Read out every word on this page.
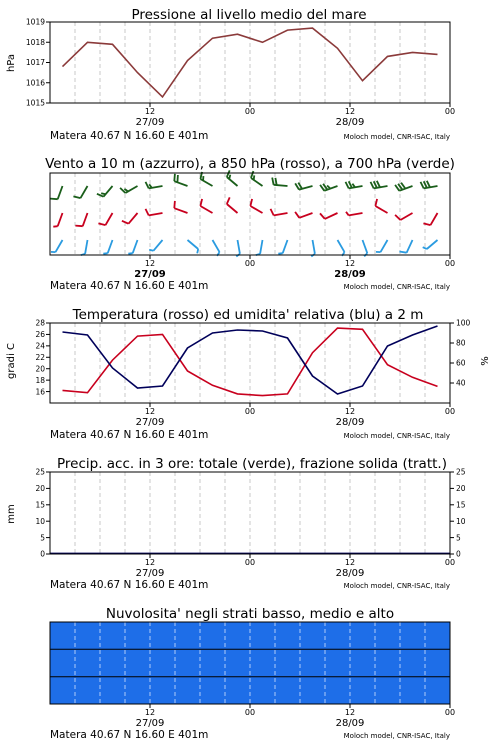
Pressione al livello medio del mare
hPa
1015
1016
1017
1018
1019
12	00	12	00
27/09	28/09
Matera 40.67 N 16.60 E 401m	Moloch model, CNR-ISAC, Italy
Vento a 10 m (azzurro), a 850 hPa (rosso), a 700 hPa (verde)
12	00	12	00
27/09	28/09
Matera 40.67 N 16.60 E 401m	Moloch model, CNR-ISAC, Italy
Temperatura (rosso) ed umidita' relativa (blu) a 2 m
gradi C	%
16
18
20
22
24
26
28
40
60
80
100
12	00	12	00
27/09	28/09
Matera 40.67 N 16.60 E 401m	Moloch model, CNR-ISAC, Italy
Precip. acc. in 3 ore: totale (verde), frazione solida (tratt.)
mm
0
5
10
15
20
25
0
5
10
15
20
25
12	00	12	00
27/09	28/09
Matera 40.67 N 16.60 E 401m	Moloch model, CNR-ISAC, Italy
Nuvolosita' negli strati basso, medio e alto
12	00	12	00
27/09	28/09
Matera 40.67 N 16.60 E 401m	Moloch model, CNR-ISAC, Italy
